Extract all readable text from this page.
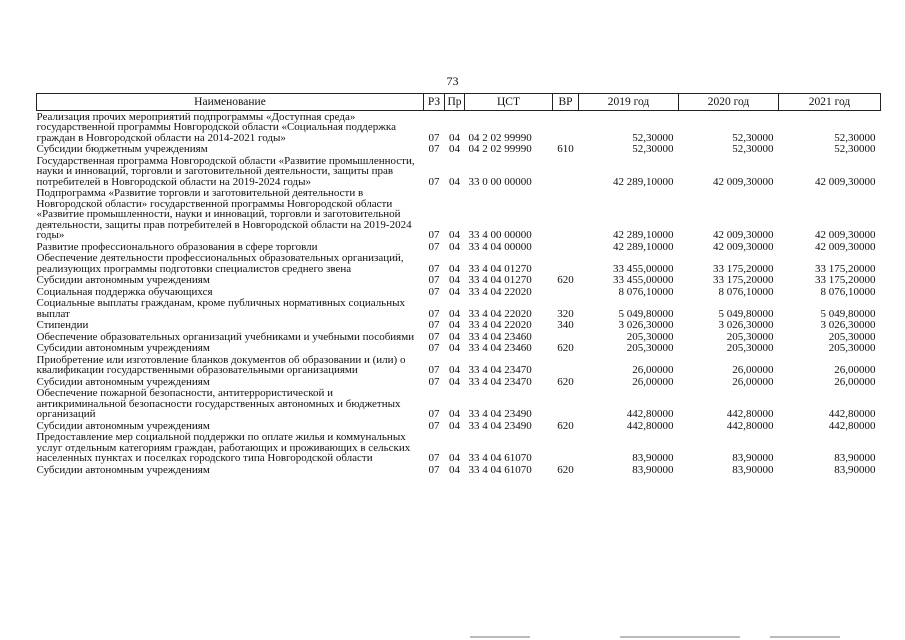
73
Наименование	РЗ	Пр	ЦСТ	ВР	2019 год	2020 год	2021 год
Реализация прочих мероприятий подпрограммы «Доступная среда» государственной программы Новгородской области «Социальная поддержка граждан в Новгородской области на 2014-2021 годы»	07	04	04 2 02 99990		52,30000	52,30000	52,30000
Субсидии бюджетным учреждениям	07	04	04 2 02 99990	610	52,30000	52,30000	52,30000
Государственная программа Новгородской области «Развитие промышленности, науки и инноваций, торговли и заготовительной деятельности, защиты прав потребителей в Новгородской области на 2019-2024 годы»	07	04	33 0 00 00000		42 289,10000	42 009,30000	42 009,30000
Подпрограмма «Развитие торговли и заготовительной деятельности в Новгородской области» государственной программы Новгородской области «Развитие промышленности, науки и инноваций, торговли и заготовительной деятельности, защиты прав потребителей в Новгородской области на 2019-2024 годы»	07	04	33 4 00 00000		42 289,10000	42 009,30000	42 009,30000
Развитие профессионального образования в сфере торговли	07	04	33 4 04 00000		42 289,10000	42 009,30000	42 009,30000
Обеспечение деятельности профессиональных образовательных организаций, реализующих программы подготовки специалистов среднего звена	07	04	33 4 04 01270		33 455,00000	33 175,20000	33 175,20000
Субсидии автономным учреждениям	07	04	33 4 04 01270	620	33 455,00000	33 175,20000	33 175,20000
Социальная поддержка обучающихся	07	04	33 4 04 22020		8 076,10000	8 076,10000	8 076,10000
Социальные выплаты гражданам, кроме публичных нормативных социальных выплат	07	04	33 4 04 22020	320	5 049,80000	5 049,80000	5 049,80000
Стипендии	07	04	33 4 04 22020	340	3 026,30000	3 026,30000	3 026,30000
Обеспечение образовательных организаций учебниками и учебными пособиями	07	04	33 4 04 23460		205,30000	205,30000	205,30000
Субсидии автономным учреждениям	07	04	33 4 04 23460	620	205,30000	205,30000	205,30000
Приобретение или изготовление бланков документов об образовании и (или) о квалификации государственными образовательными организациями	07	04	33 4 04 23470		26,00000	26,00000	26,00000
Субсидии автономным учреждениям	07	04	33 4 04 23470	620	26,00000	26,00000	26,00000
Обеспечение пожарной безопасности, антитеррористической и антикриминальной безопасности государственных автономных и бюджетных организаций	07	04	33 4 04 23490		442,80000	442,80000	442,80000
Субсидии автономным учреждениям	07	04	33 4 04 23490	620	442,80000	442,80000	442,80000
Предоставление мер социальной поддержки по оплате жилья и коммунальных услуг отдельным категориям граждан, работающих и проживающих в сельских населенных пунктах и поселках городского типа Новгородской области	07	04	33 4 04 61070		83,90000	83,90000	83,90000
Субсидии автономным учреждениям	07	04	33 4 04 61070	620	83,90000	83,90000	83,90000
